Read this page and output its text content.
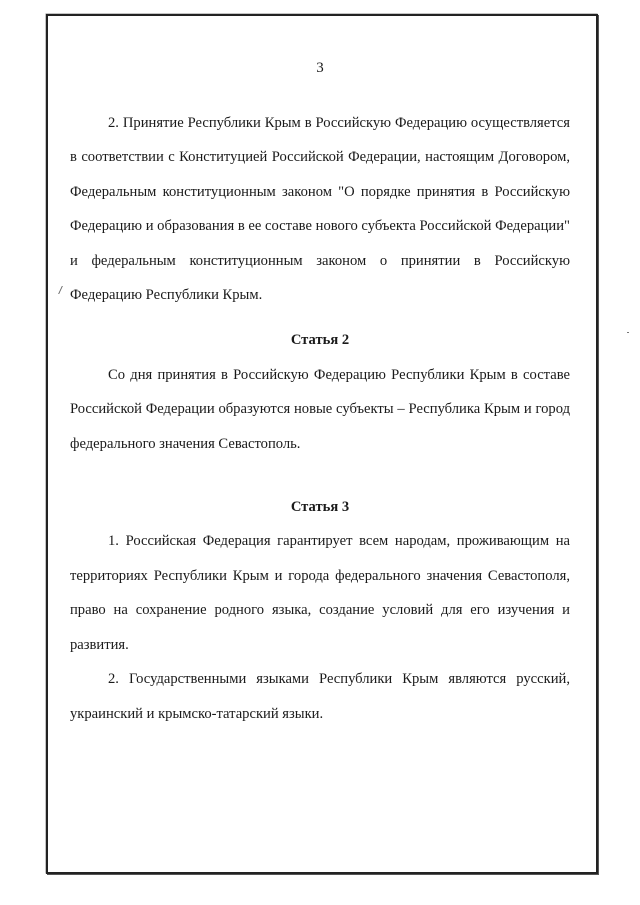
3

2. Принятие Республики Крым в Российскую Федерацию осуществляется в соответствии с Конституцией Российской Федерации, настоящим Договором, Федеральным конституционным законом "О порядке принятия в Российскую Федерацию и образования в ее составе нового субъекта Российской Федерации" и федеральным конституционным законом о принятии в Российскую Федерацию Республики Крым.

Статья 2

Со дня принятия в Российскую Федерацию Республики Крым в составе Российской Федерации образуются новые субъекты – Республика Крым и город федерального значения Севастополь.

Статья 3

1. Российская Федерация гарантирует всем народам, проживающим на территориях Республики Крым и города федерального значения Севастополя, право на сохранение родного языка, создание условий для его изучения и развития.

2. Государственными языками Республики Крым являются русский, украинский и крымско-татарский языки.
